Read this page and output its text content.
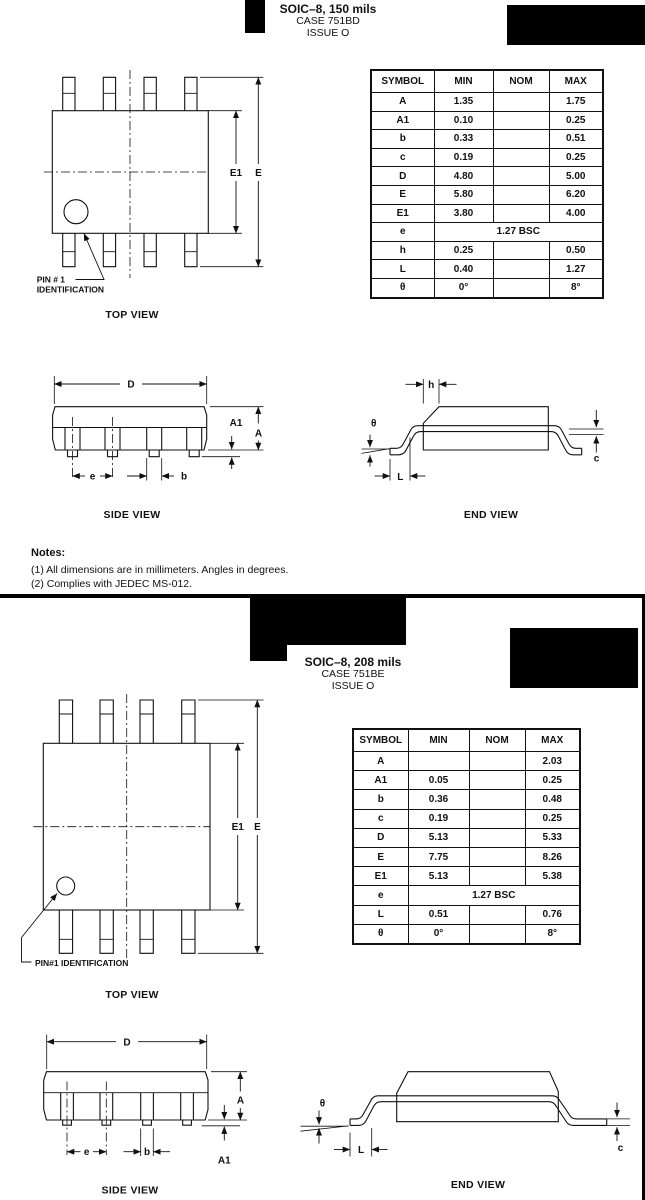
SOIC–8, 150 mils
CASE 751BD
ISSUE O
E1 E
PIN # 1
IDENTIFICATION
TOP VIEW
SYMBOL	MIN	NOM	MAX
A	1.35		1.75
A1	0.10		0.25
b	0.33		0.51
c	0.19		0.25
D	4.80		5.00
E	5.80		6.20
E1	3.80		4.00
e	1.27 BSC		
h	0.25		0.50
L	0.40		1.27
θ	0°		8°
D
A
A1
e	b
SIDE VIEW
h
θ
L
c
END VIEW
Notes:
(1) All dimensions are in millimeters. Angles in degrees.
(2) Complies with JEDEC MS-012.
SOIC–8, 208 mils
CASE 751BE
ISSUE O
E1 E
PIN#1 IDENTIFICATION
TOP VIEW
SYMBOL	MIN	NOM	MAX
A			2.03
A1	0.05		0.25
b	0.36		0.48
c	0.19		0.25
D	5.13		5.33
E	7.75		8.26
E1	5.13		5.38
e	1.27 BSC		
L	0.51		0.76
θ	0°		8°
D
A
A1
e	b
SIDE VIEW
θ
L	c
END VIEW
